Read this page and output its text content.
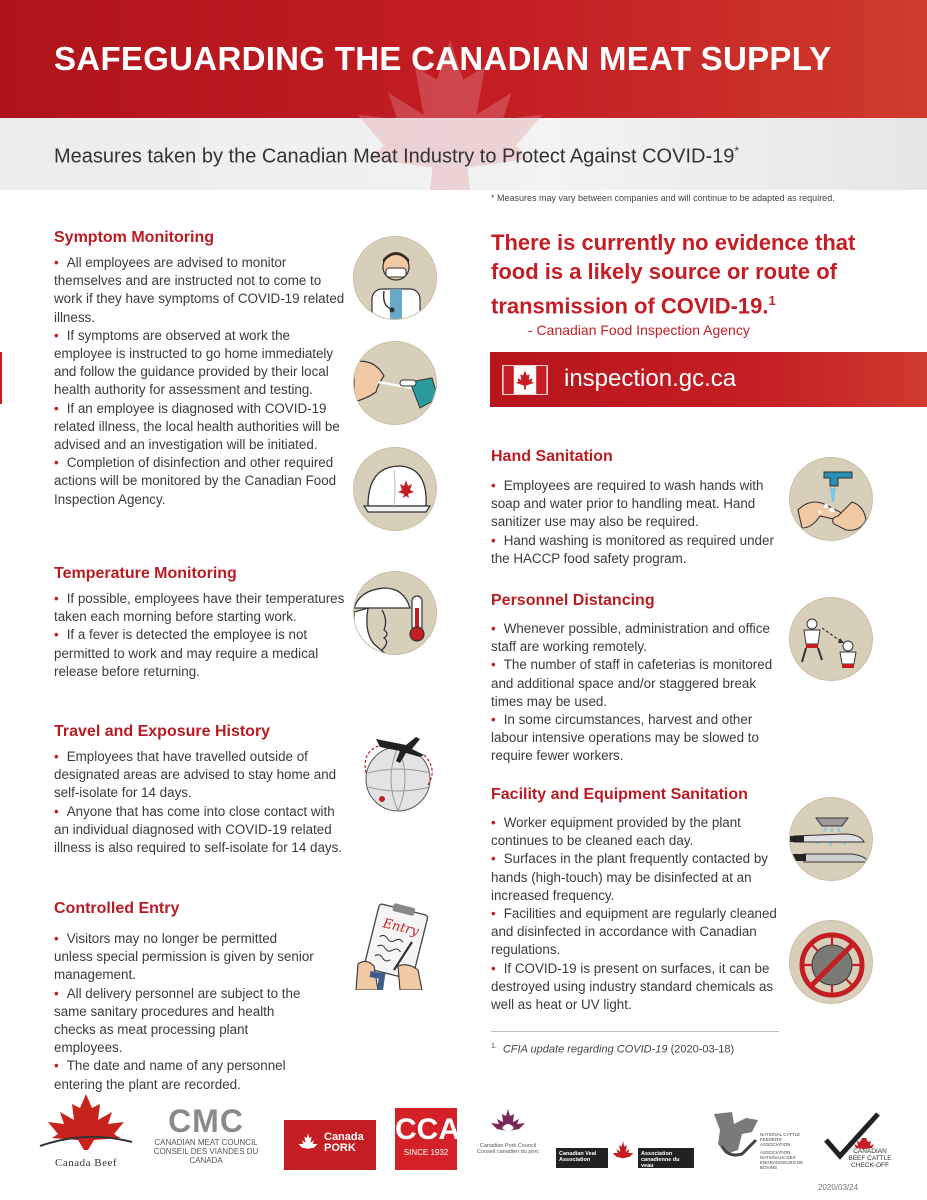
SAFEGUARDING THE CANADIAN MEAT SUPPLY
Measures taken by the Canadian Meat Industry to Protect Against COVID-19*
* Measures may vary between companies and will continue to be adapted as required.
Symptom Monitoring

• All employees are advised to monitor themselves and are instructed not to come to work if they have symptoms of COVID-19 related illness.

• If symptoms are observed at work the employee is instructed to go home immediately and follow the guidance provided by their local health authority for assessment and testing.

• If an employee is diagnosed with COVID-19 related illness, the local health authorities will be advised and an investigation will be initiated.

• Completion of disinfection and other required actions will be monitored by the Canadian Food Inspection Agency.

Temperature Monitoring

• If possible, employees have their temperatures taken each morning before starting work.

• If a fever is detected the employee is not permitted to work and may require a medical release before returning.

Travel and Exposure History

• Employees that have travelled outside of designated areas are advised to stay home and self-isolate for 14 days.

• Anyone that has come into close contact with an individual diagnosed with COVID-19 related illness is also required to self-isolate for 14 days.

Controlled Entry

• Visitors may no longer be permitted unless special permission is given by senior management.

• All delivery personnel are subject to the same sanitary procedures and health checks as meat processing plant employees.

• The date and name of any personnel entering the plant are recorded.

Entry
There is currently no evidence that food is a likely source or route of transmission of COVID-19.$^1$
- Canadian Food Inspection Agency
inspection.gc.ca
Hand Sanitation

• Employees are required to wash hands with soap and water prior to handling meat. Hand sanitizer use may also be required.

• Hand washing is monitored as required under the HACCP food safety program.

Personnel Distancing

• Whenever possible, administration and office staff are working remotely.

• The number of staff in cafeterias is monitored and additional space and/or staggered break times may be used.

• In some circumstances, harvest and other labour intensive operations may be slowed to require fewer workers.

Facility and Equipment Sanitation

• Worker equipment provided by the plant continues to be cleaned each day.

• Surfaces in the plant frequently contacted by hands (high-touch) may be disinfected at an increased frequency.

• Facilities and equipment are regularly cleaned and disinfected in accordance with Canadian regulations.

• If COVID-19 is present on surfaces, it can be destroyed using industry standard chemicals as well as heat or UV light.

$^{1.}$ CFIA update regarding COVID-19 (2020-03-18)
Canada Beef
CMC
CANADIAN MEAT COUNCIL
CONSEIL DES VIANDES DU CANADA
Canada
PORK
CCA
SINCE 1932
Canadian Pork Council
Conseil canadien du porc	Canadian Veal
Association
Association
canadienne du veau
NATIONAL CATTLE FEEDERS' ASSOCIATION
ASSOCIATION NATIONALE DES ENGRAISSEURS DE BOVINS
CANADIAN
BEEF CATTLE
CHECK-OFF
2020/03/24
